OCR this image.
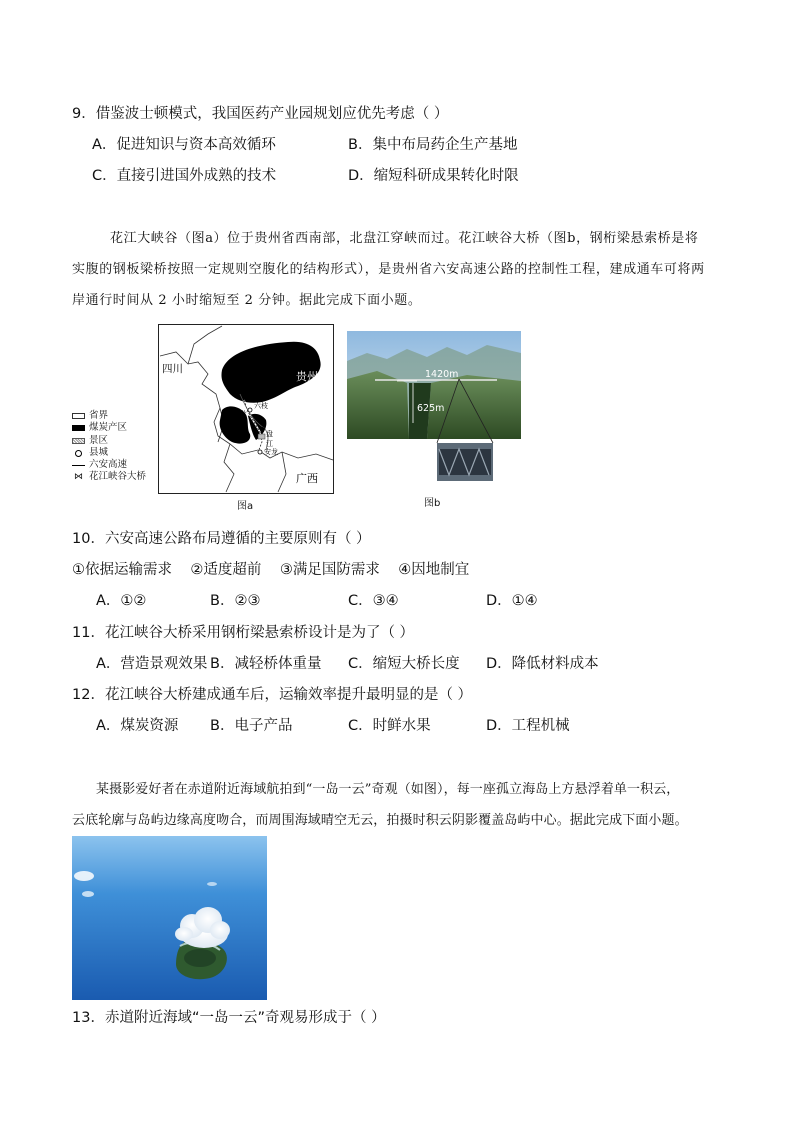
9．借鉴波士顿模式，我国医药产业园规划应优先考虑（ ）
A．促进知识与资本高效循环	B．集中布局药企生产基地
C．直接引进国外成熟的技术	D．缩短科研成果转化时限

花江大峡谷（图a）位于贵州省西南部，北盘江穿峡而过。花江峡谷大桥（图b，钢桁梁悬索桥是将

实腹的钢板梁桥按照一定规则空腹化的结构形式），是贵州省六安高速公路的控制性工程，建成通车可将两

岸通行时间从 2 小时缩短至 2 分钟。据此完成下面小题。

四川
贵州
广西
六枝
北
盘
江
安龙
省界
煤炭产区
景区
县城
六安高速
⋈ 花江峡谷大桥
图a
1420m
625m
图b
10．六安高速公路布局遵循的主要原则有（ ）
①依据运输需求    ②适度超前    ③满足国防需求    ④因地制宜
A．①②	B．②③	C．③④	D．①④
11．花江峡谷大桥采用钢桁梁悬索桥设计是为了（ ）
A．营造景观效果 B．减轻桥体重量 C．缩短大桥长度 D．降低材料成本
12．花江峡谷大桥建成通车后，运输效率提升最明显的是（ ）
A．煤炭资源 B．电子产品	C．时鲜水果	D．工程机械

某摄影爱好者在赤道附近海域航拍到“一岛一云”奇观（如图），每一座孤立海岛上方悬浮着单一积云，

云底轮廓与岛屿边缘高度吻合，而周围海域晴空无云，拍摄时积云阴影覆盖岛屿中心。据此完成下面小题。

13．赤道附近海域“一岛一云”奇观易形成于（ ）
